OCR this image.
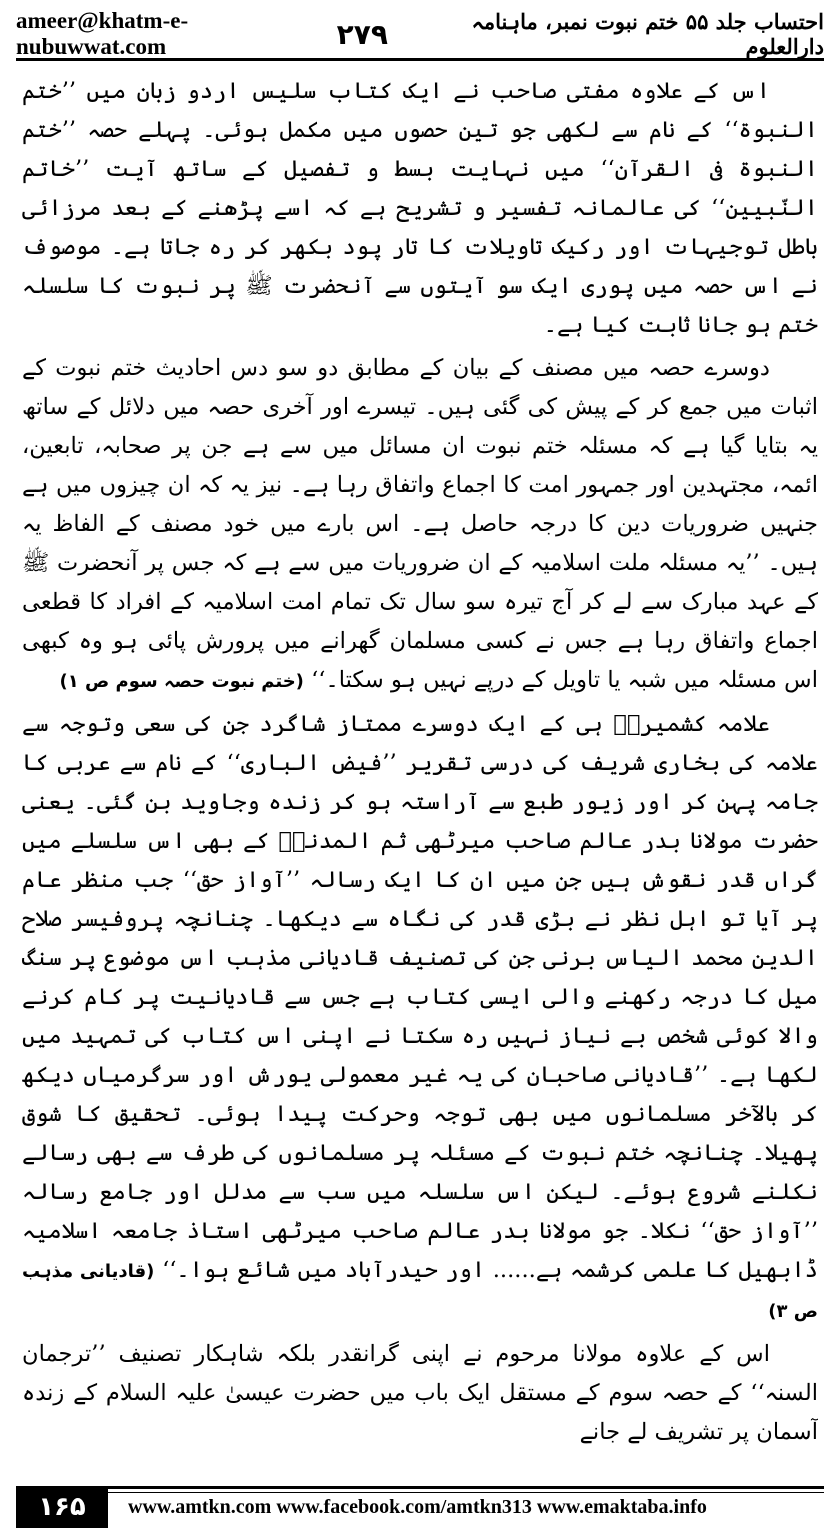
ameer@khatm-e-nubuwwat.com	۲۷۹	احتساب جلد ۵۵ ختم نبوت نمبر، ماہنامہ دارالعلوم

اس کے علاوہ مفتی صاحب نے ایک کتاب سلیس اردو زبان میں ’’ختم النبوۃ‘‘ کے نام سے لکھی جو تین حصوں میں مکمل ہوئی۔ پہلے حصہ ’’ختم النبوۃ فی القرآن‘‘ میں نہایت بسط و تفصیل کے ساتھ آیت ’’خاتم النّبیین‘‘ کی عالمانہ تفسیر و تشریح ہے کہ اسے پڑھنے کے بعد مرزائی باطل توجیہات اور رکیک تاویلات کا تار پود بکھر کر رہ جاتا ہے۔ موصوف نے اس حصہ میں پوری ایک سو آیتوں سے آنحضرت ﷺ پر نبوت کا سلسلہ ختم ہو جانا ثابت کیا ہے۔

دوسرے حصہ میں مصنف کے بیان کے مطابق دو سو دس احادیث ختم نبوت کے اثبات میں جمع کر کے پیش کی گئی ہیں۔ تیسرے اور آخری حصہ میں دلائل کے ساتھ یہ بتایا گیا ہے کہ مسئلہ ختم نبوت ان مسائل میں سے ہے جن پر صحابہ، تابعین، ائمہ، مجتہدین اور جمہور امت کا اجماع واتفاق رہا ہے۔ نیز یہ کہ ان چیزوں میں ہے جنہیں ضروریات دین کا درجہ حاصل ہے۔ اس بارے میں خود مصنف کے الفاظ یہ ہیں۔ ’’یہ مسئلہ ملت اسلامیہ کے ان ضروریات میں سے ہے کہ جس پر آنحضرت ﷺ کے عہد مبارک سے لے کر آج تیرہ سو سال تک تمام امت اسلامیہ کے افراد کا قطعی اجماع واتفاق رہا ہے جس نے کسی مسلمان گھرانے میں پرورش پائی ہو وہ کبھی اس مسئلہ میں شبہ یا تاویل کے درپے نہیں ہو سکتا۔‘‘ (ختم نبوت حصہ سوم ص ۱)

علامہ کشمیریؒ ہی کے ایک دوسرے ممتاز شاگرد جن کی سعی وتوجہ سے علامہ کی بخاری شریف کی درسی تقریر ’’فیض الباری‘‘ کے نام سے عربی کا جامہ پہن کر اور زیور طبع سے آراستہ ہو کر زندہ وجاوید بن گئی۔ یعنی حضرت مولانا بدر عالم صاحب میرٹھی ثم المدنیؒ کے بھی اس سلسلے میں گراں قدر نقوش ہیں جن میں ان کا ایک رسالہ ’’آواز حق‘‘ جب منظر عام پر آیا تو اہل نظر نے بڑی قدر کی نگاہ سے دیکھا۔ چنانچہ پروفیسر صلاح الدین محمد الیاس برنی جن کی تصنیف قادیانی مذہب اس موضوع پر سنگ میل کا درجہ رکھنے والی ایسی کتاب ہے جس سے قادیانیت پر کام کرنے والا کوئی شخص بے نیاز نہیں رہ سکتا نے اپنی اس کتاب کی تمہید میں لکھا ہے۔ ’’قادیانی صاحبان کی یہ غیر معمولی یورش اور سرگرمیاں دیکھ کر بالآخر مسلمانوں میں بھی توجہ وحرکت پیدا ہوئی۔ تحقیق کا شوق پھیلا۔ چنانچہ ختم نبوت کے مسئلہ پر مسلمانوں کی طرف سے بھی رسالے نکلنے شروع ہوئے۔ لیکن اس سلسلہ میں سب سے مدلل اور جامع رسالہ ’’آواز حق‘‘ نکلا۔ جو مولانا بدر عالم صاحب میرٹھی استاذ جامعہ اسلامیہ ڈابھیل کا علمی کرشمہ ہے...... اور حیدرآباد میں شائع ہوا۔‘‘ (قادیانی مذہب ص ۳)

اس کے علاوہ مولانا مرحوم نے اپنی گرانقدر بلکہ شاہکار تصنیف ’’ترجمان السنہ‘‘ کے حصہ سوم کے مستقل ایک باب میں حضرت عیسیٰ علیہ السلام کے زندہ آسمان پر تشریف لے جانے

۱۶۵	www.amtkn.com www.facebook.com/amtkn313 www.emaktaba.info
